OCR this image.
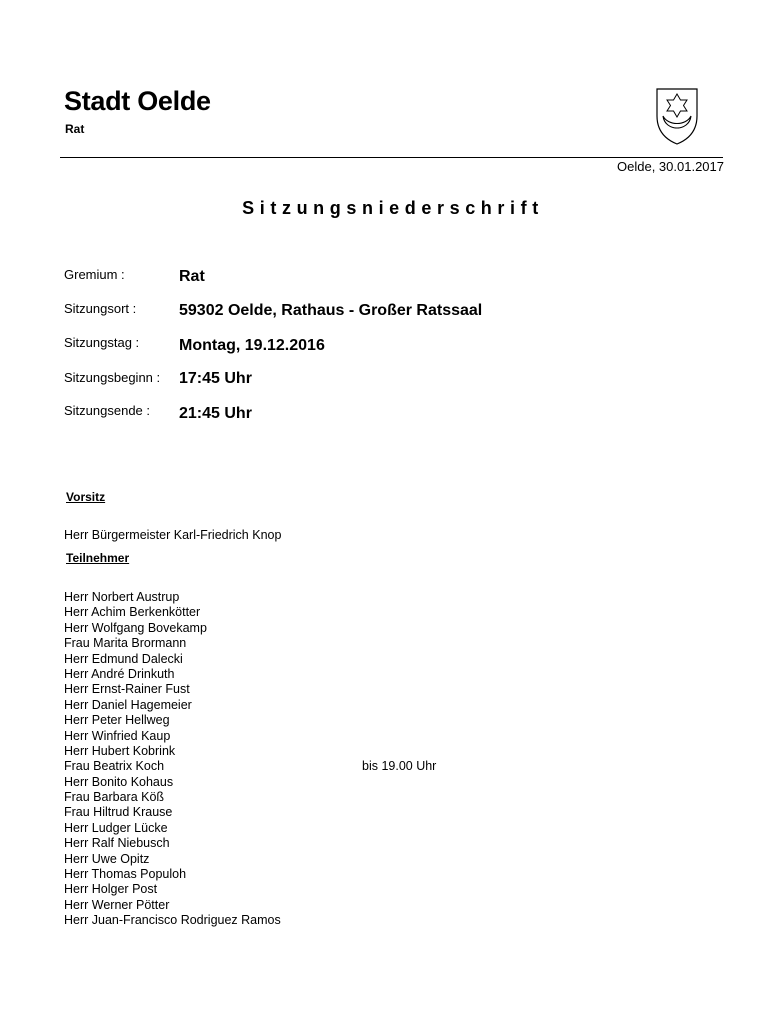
Stadt Oelde
Rat
Oelde, 30.01.2017
Sitzungsniederschrift
Gremium :	Rat
Sitzungsort :	59302 Oelde, Rathaus - Großer Ratssaal
Sitzungstag : Montag, 19.12.2016
Sitzungsbeginn : 17:45 Uhr
Sitzungsende : 21:45 Uhr
Vorsitz
Herr Bürgermeister Karl-Friedrich Knop
Teilnehmer
Herr Norbert Austrup
Herr Achim Berkenkötter
Herr Wolfgang Bovekamp
Frau Marita Brormann
Herr Edmund Dalecki
Herr André Drinkuth
Herr Ernst-Rainer Fust
Herr Daniel Hagemeier
Herr Peter Hellweg
Herr Winfried Kaup
Herr Hubert Kobrink
Frau Beatrix Koch	bis 19.00 Uhr
Herr Bonito Kohaus
Frau Barbara Köß
Frau Hiltrud Krause
Herr Ludger Lücke
Herr Ralf Niebusch
Herr Uwe Opitz
Herr Thomas Populoh
Herr Holger Post
Herr Werner Pötter
Herr Juan-Francisco Rodriguez Ramos
